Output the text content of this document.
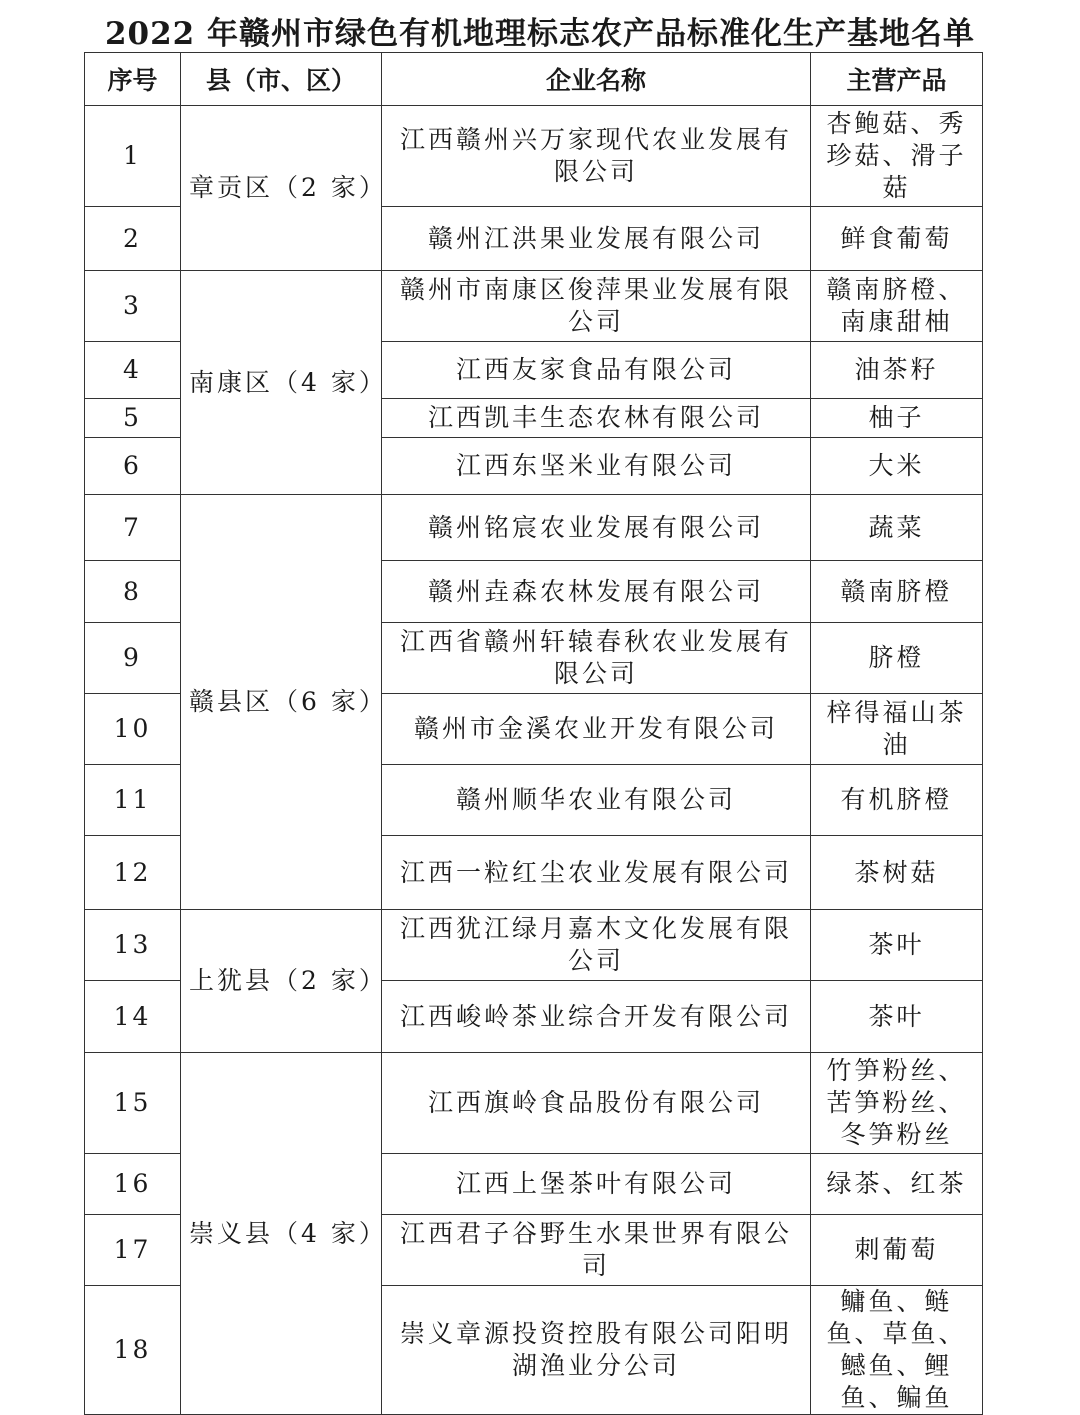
2022 年赣州市绿色有机地理标志农产品标准化生产基地名单
序号	县（市、区）	企业名称	主营产品
1	章贡区（2 家）	江西赣州兴万家现代农业发展有限公司	杏鲍菇、秀珍菇、滑子菇
2		赣州江洪果业发展有限公司	鲜食葡萄
3	南康区（4 家）	赣州市南康区俊萍果业发展有限公司	赣南脐橙、南康甜柚
4		江西友家食品有限公司	油茶籽
5		江西凯丰生态农林有限公司	柚子
6		江西东坚米业有限公司	大米
7	赣县区（6 家）	赣州铭宸农业发展有限公司	蔬菜
8		赣州垚森农林发展有限公司	赣南脐橙
9		江西省赣州轩辕春秋农业发展有限公司	脐橙
10		赣州市金溪农业开发有限公司	梓得福山茶油
11		赣州顺华农业有限公司	有机脐橙
12		江西一粒红尘农业发展有限公司	茶树菇
13	上犹县（2 家）	江西犹江绿月嘉木文化发展有限公司	茶叶
14		江西峻岭茶业综合开发有限公司	茶叶
15	崇义县（4 家）	江西旗岭食品股份有限公司	竹笋粉丝、苦笋粉丝、冬笋粉丝
16		江西上堡茶叶有限公司	绿茶、红茶
17		江西君子谷野生水果世界有限公司	刺葡萄
18		崇义章源投资控股有限公司阳明湖渔业分公司	鳙鱼、鲢鱼、草鱼、鳡鱼、鲤鱼、鳊鱼
